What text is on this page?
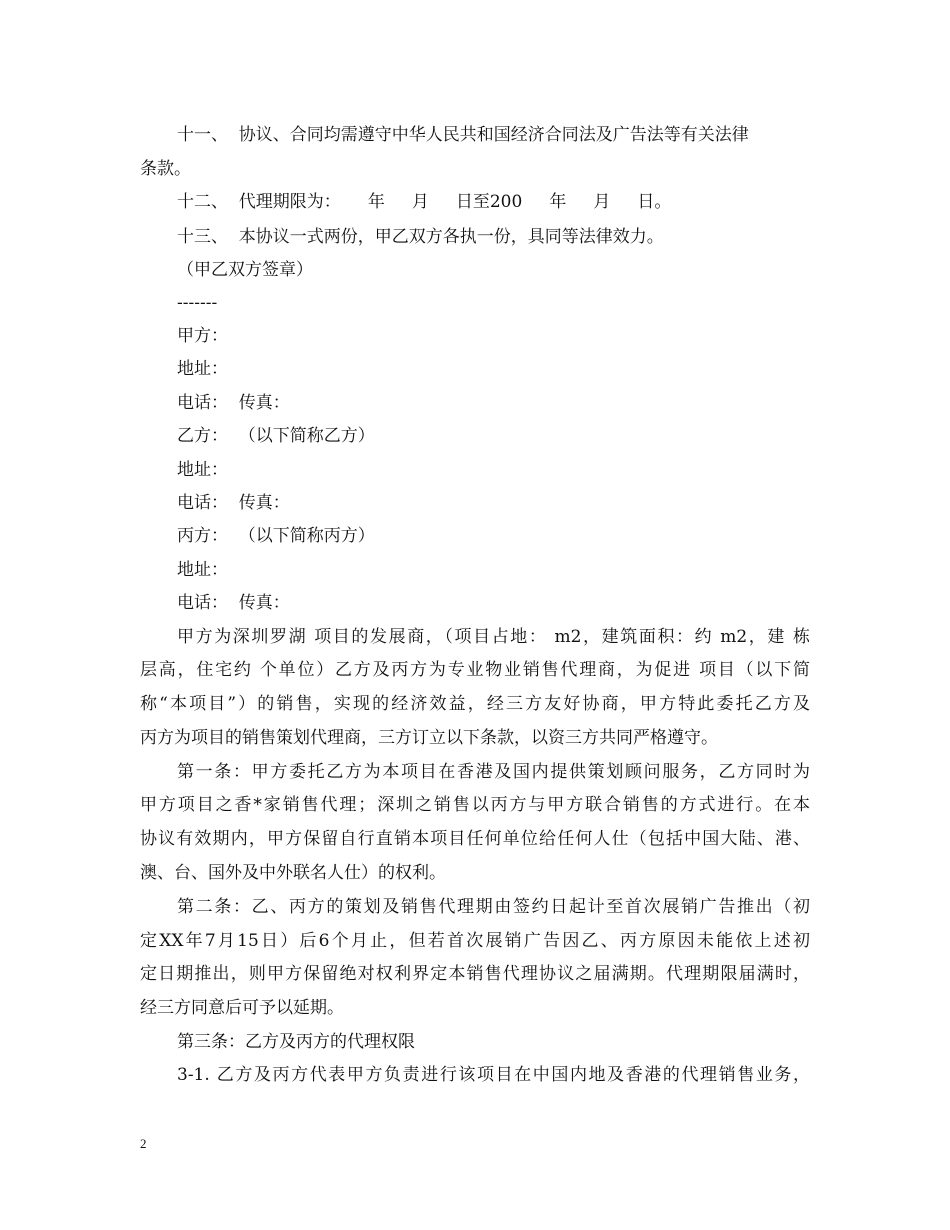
十一、  协议、合同均需遵守中华人民共和国经济合同法及广告法等有关法律
条款。
十二、  代理期限为：     年     月     日至200     年     月     日。
十三、  本协议一式两份，甲乙双方各执一份，具同等法律效力。
（甲乙双方签章）
-------
甲方：
地址：
电话：  传真：
乙方：  （以下简称乙方）
地址：
电话：  传真：
丙方：  （以下简称丙方）
地址：
电话：  传真：
甲方为深圳罗湖 项目的发展商，（项目占地： m2，建筑面积：约 m2，建 栋
层高，住宅约 个单位）乙方及丙方为专业物业销售代理商，为促进 项目（以下简
称“本项目”）的销售，实现的经济效益，经三方友好协商，甲方特此委托乙方及
丙方为项目的销售策划代理商，三方订立以下条款，以资三方共同严格遵守。
第一条：甲方委托乙方为本项目在香港及国内提供策划顾问服务，乙方同时为
甲方项目之香*家销售代理；深圳之销售以丙方与甲方联合销售的方式进行。在本
协议有效期内，甲方保留自行直销本项目任何单位给任何人仕（包括中国大陆、港、
澳、台、国外及中外联名人仕）的权利。
第二条：乙、丙方的策划及销售代理期由签约日起计至首次展销广告推出（初
定XX年7月15日）后6个月止，但若首次展销广告因乙、丙方原因未能依上述初
定日期推出，则甲方保留绝对权利界定本销售代理协议之届满期。代理期限届满时，
经三方同意后可予以延期。
第三条：乙方及丙方的代理权限
3-1. 乙方及丙方代表甲方负责进行该项目在中国内地及香港的代理销售业务，
2
